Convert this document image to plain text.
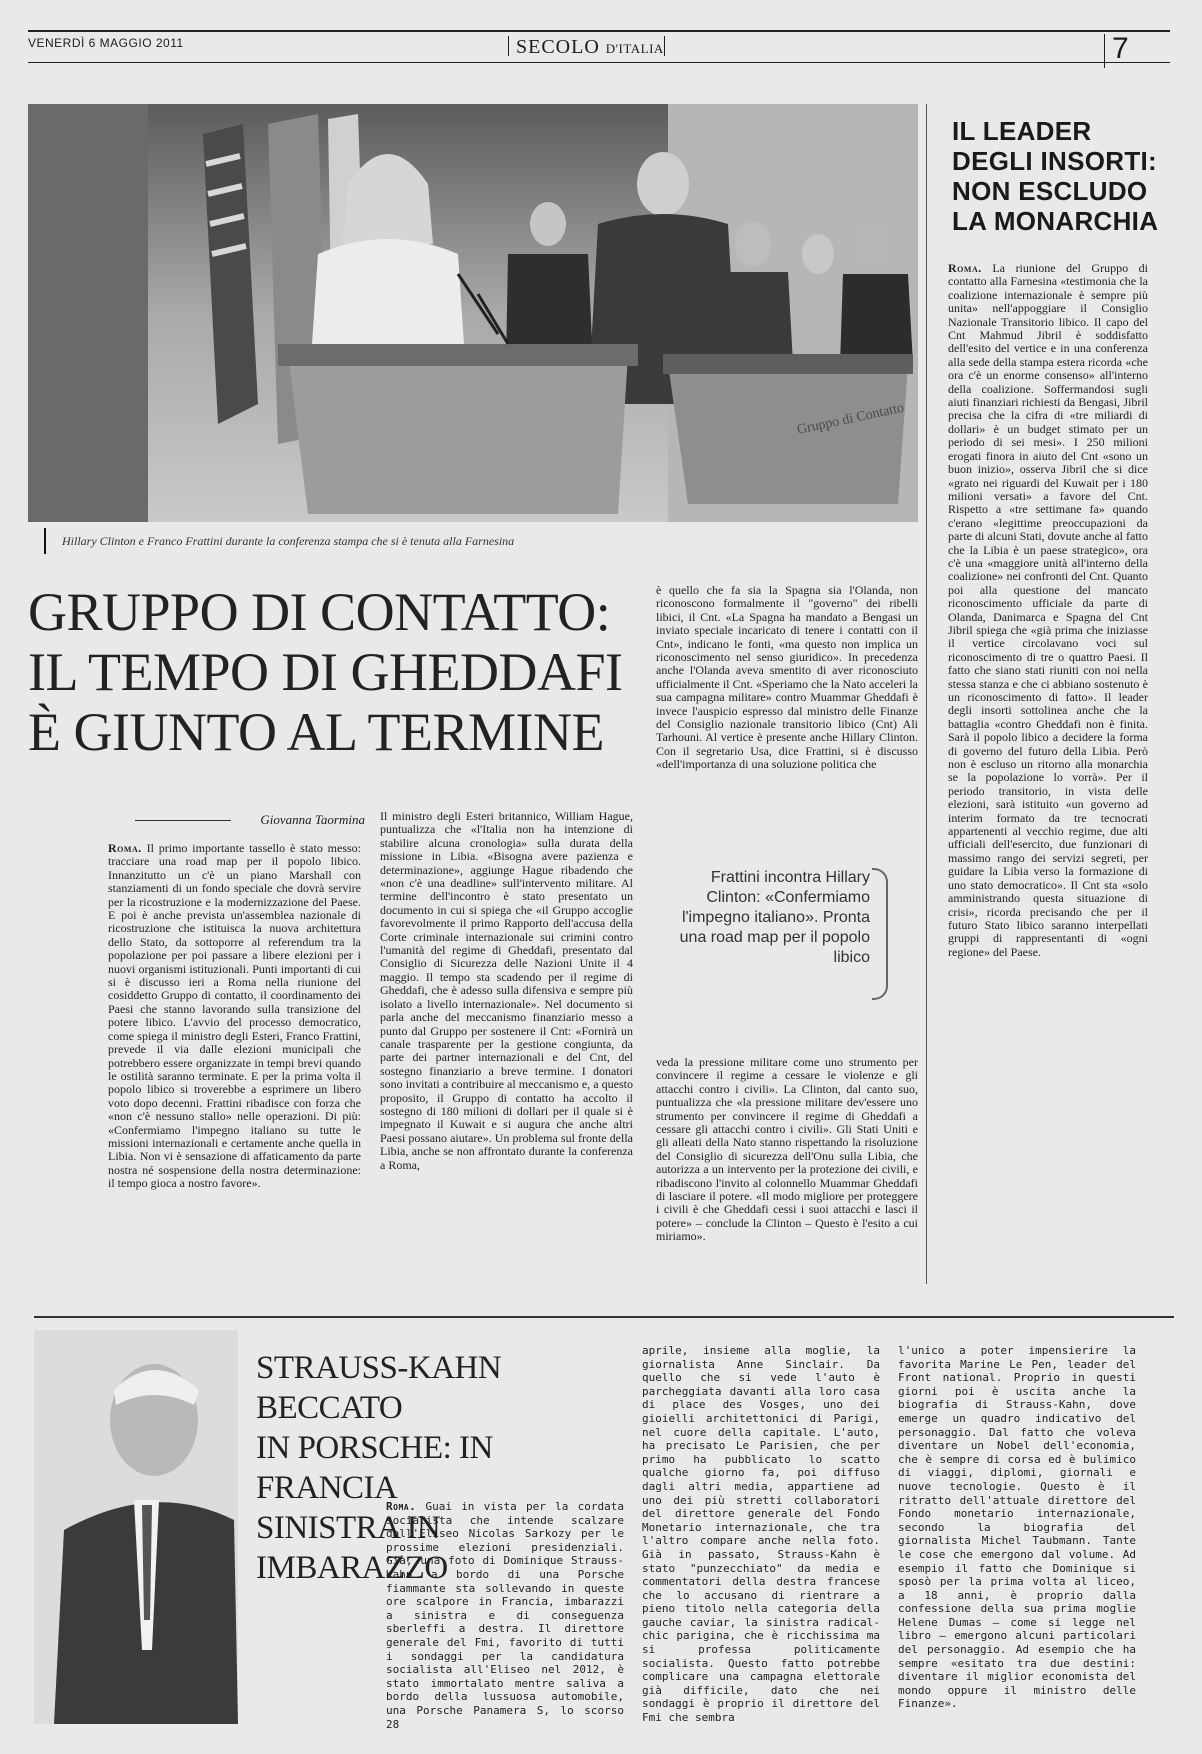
VENERDÌ 6 MAGGIO 2011	SECOLO D'ITALIA	7
Gruppo di Contatto
Hillary Clinton e Franco Frattini durante la conferenza stampa che si è tenuta alla Farnesina
IL LEADER
DEGLI INSORTI:
NON ESCLUDO
LA MONARCHIA

Roma. La riunione del Gruppo di contatto alla Farnesina «testimonia che la coalizione internazionale è sempre più unita» nell'appoggiare il Consiglio Nazionale Transitorio libico. Il capo del Cnt Mahmud Jibril è soddisfatto dell'esito del vertice e in una conferenza alla sede della stampa estera ricorda «che ora c'è un enorme consenso» all'interno della coalizione. Soffermandosi sugli aiuti finanziari richiesti da Bengasi, Jibril precisa che la cifra di «tre miliardi di dollari» è un budget stimato per un periodo di sei mesi». I 250 milioni erogati finora in aiuto del Cnt «sono un buon inizio», osserva Jibril che si dice «grato nei riguardi del Kuwait per i 180 milioni versati» a favore del Cnt. Rispetto a «tre settimane fa» quando c'erano «legittime preoccupazioni da parte di alcuni Stati, dovute anche al fatto che la Libia è un paese strategico», ora c'è una «maggiore unità all'interno della coalizione» nei confronti del Cnt. Quanto poi alla questione del mancato riconoscimento ufficiale da parte di Olanda, Danimarca e Spagna del Cnt Jibril spiega che «già prima che iniziasse il vertice circolavano voci sul riconoscimento di tre o quattro Paesi. Il fatto che siano stati riuniti con noi nella stessa stanza e che ci abbiano sostenuto è un riconoscimento di fatto». Il leader degli insorti sottolinea anche che la battaglia «contro Gheddafi non è finita. Sarà il popolo libico a decidere la forma di governo del futuro della Libia. Però non è escluso un ritorno alla monarchia se la popolazione lo vorrà». Per il periodo transitorio, in vista delle elezioni, sarà istituito «un governo ad interim formato da tre tecnocrati appartenenti al vecchio regime, due alti ufficiali dell'esercito, due funzionari di massimo rango dei servizi segreti, per guidare la Libia verso la formazione di uno stato democratico». Il Cnt sta «solo amministrando questa situazione di crisi», ricorda precisando che per il futuro Stato libico saranno interpellati gruppi di rappresentanti di «ogni regione» del Paese.

GRUPPO DI CONTATTO:
IL TEMPO DI GHEDDAFI
È GIUNTO AL TERMINE
Giovanna Taormina

Roma. Il primo importante tassello è stato messo: tracciare una road map per il popolo libico. Innanzitutto un c'è un piano Marshall con stanziamenti di un fondo speciale che dovrà servire per la ricostruzione e la modernizzazione del Paese. E poi è anche prevista un'assemblea nazionale di ricostruzione che istituisca la nuova architettura dello Stato, da sottoporre al referendum tra la popolazione per poi passare a libere elezioni per i nuovi organismi istituzionali. Punti importanti di cui si è discusso ieri a Roma nella riunione del cosiddetto Gruppo di contatto, il coordinamento dei Paesi che stanno lavorando sulla transizione del potere libico. L'avvio del processo democratico, come spiega il ministro degli Esteri, Franco Frattini, prevede il via dalle elezioni municipali che potrebbero essere organizzate in tempi brevi quando le ostilità saranno terminate. E per la prima volta il popolo libico si troverebbe a esprimere un libero voto dopo decenni. Frattini ribadisce con forza che «non c'è nessuno stallo» nelle operazioni. Di più: «Confermiamo l'impegno italiano su tutte le missioni internazionali e certamente anche quella in Libia. Non vi è sensazione di affaticamento da parte nostra né sospensione della nostra determinazione: il tempo gioca a nostro favore».

Il ministro degli Esteri britannico, William Hague, puntualizza che «l'Italia non ha intenzione di stabilire alcuna cronologia» sulla durata della missione in Libia. «Bisogna avere pazienza e determinazione», aggiunge Hague ribadendo che «non c'è una deadline» sull'intervento militare. Al termine dell'incontro è stato presentato un documento in cui si spiega che «il Gruppo accoglie favorevolmente il primo Rapporto dell'accusa della Corte criminale internazionale sui crimini contro l'umanità del regime di Gheddafi, presentato dal Consiglio di Sicurezza delle Nazioni Unite il 4 maggio. Il tempo sta scadendo per il regime di Gheddafi, che è adesso sulla difensiva e sempre più isolato a livello internazionale». Nel documento si parla anche del meccanismo finanziario messo a punto dal Gruppo per sostenere il Cnt: «Fornirà un canale trasparente per la gestione congiunta, da parte dei partner internazionali e del Cnt, del sostegno finanziario a breve termine. I donatori sono invitati a contribuire al meccanismo e, a questo proposito, il Gruppo di contatto ha accolto il sostegno di 180 milioni di dollari per il quale si è impegnato il Kuwait e si augura che anche altri Paesi possano aiutare». Un problema sul fronte della Libia, anche se non affrontato durante la conferenza a Roma,

è quello che fa sia la Spagna sia l'Olanda, non riconoscono formalmente il "governo" dei ribelli libici, il Cnt. «La Spagna ha mandato a Bengasi un inviato speciale incaricato di tenere i contatti con il Cnt», indicano le fonti, «ma questo non implica un riconoscimento nel senso giuridico». In precedenza anche l'Olanda aveva smentito di aver riconosciuto ufficialmente il Cnt. «Speriamo che la Nato acceleri la sua campagna militare» contro Muammar Gheddafi è invece l'auspicio espresso dal ministro delle Finanze del Consiglio nazionale transitorio libico (Cnt) Ali Tarhouni. Al vertice è presente anche Hillary Clinton. Con il segretario Usa, dice Frattini, si è discusso «dell'importanza di una soluzione politica che

Frattini incontra Hillary Clinton: «Confermiamo l'impegno italiano». Pronta una road map per il popolo libico

veda la pressione militare come uno strumento per convincere il regime a cessare le violenze e gli attacchi contro i civili». La Clinton, dal canto suo, puntualizza che «la pressione militare dev'essere uno strumento per convincere il regime di Gheddafi a cessare gli attacchi contro i civili». Gli Stati Uniti e gli alleati della Nato stanno rispettando la risoluzione del Consiglio di sicurezza dell'Onu sulla Libia, che autorizza a un intervento per la protezione dei civili, e ribadiscono l'invito al colonnello Muammar Gheddafi di lasciare il potere. «Il modo migliore per proteggere i civili è che Gheddafi cessi i suoi attacchi e lasci il potere» – conclude la Clinton – Questo è l'esito a cui miriamo».

STRAUSS-KAHN BECCATO
IN PORSCHE: IN FRANCIA
SINISTRA IN IMBARAZZO

Roma. Guai in vista per la cordata socialista che intende scalzare dall'Eliseo Nicolas Sarkozy per le prossime elezioni presidenziali. Già, una foto di Dominique Strauss-Kahn a bordo di una Porsche fiammante sta sollevando in queste ore scalpore in Francia, imbarazzi a sinistra e di conseguenza sberleffi a destra. Il direttore generale del Fmi, favorito di tutti i sondaggi per la candidatura socialista all'Eliseo nel 2012, è stato immortalato mentre saliva a bordo della lussuosa automobile, una Porsche Panamera S, lo scorso 28

aprile, insieme alla moglie, la giornalista Anne Sinclair. Da quello che si vede l'auto è parcheggiata davanti alla loro casa di place des Vosges, uno dei gioielli architettonici di Parigi, nel cuore della capitale. L'auto, ha precisato Le Parisien, che per primo ha pubblicato lo scatto qualche giorno fa, poi diffuso dagli altri media, appartiene ad uno dei più stretti collaboratori del direttore generale del Fondo Monetario internazionale, che tra l'altro compare anche nella foto. Già in passato, Strauss-Kahn è stato "punzecchiato" da media e commentatori della destra francese che lo accusano di rientrare a pieno titolo nella categoria della gauche caviar, la sinistra radical-chic parigina, che è ricchissima ma si professa politicamente socialista. Questo fatto potrebbe complicare una campagna elettorale già difficile, dato che nei sondaggi è proprio il direttore del Fmi che sembra

l'unico a poter impensierire la favorita Marine Le Pen, leader del Front national. Proprio in questi giorni poi è uscita anche la biografia di Strauss-Kahn, dove emerge un quadro indicativo del personaggio. Dal fatto che voleva diventare un Nobel dell'economia, che è sempre di corsa ed è bulimico di viaggi, diplomi, giornali e nuove tecnologie. Questo è il ritratto dell'attuale direttore del Fondo monetario internazionale, secondo la biografia del giornalista Michel Taubmann. Tante le cose che emergono dal volume. Ad esempio il fatto che Dominique si sposò per la prima volta al liceo, a 18 anni, è proprio dalla confessione della sua prima moglie Helene Dumas – come si legge nel libro – emergono alcuni particolari del personaggio. Ad esempio che ha sempre «esitato tra due destini: diventare il miglior economista del mondo oppure il ministro delle Finanze».
